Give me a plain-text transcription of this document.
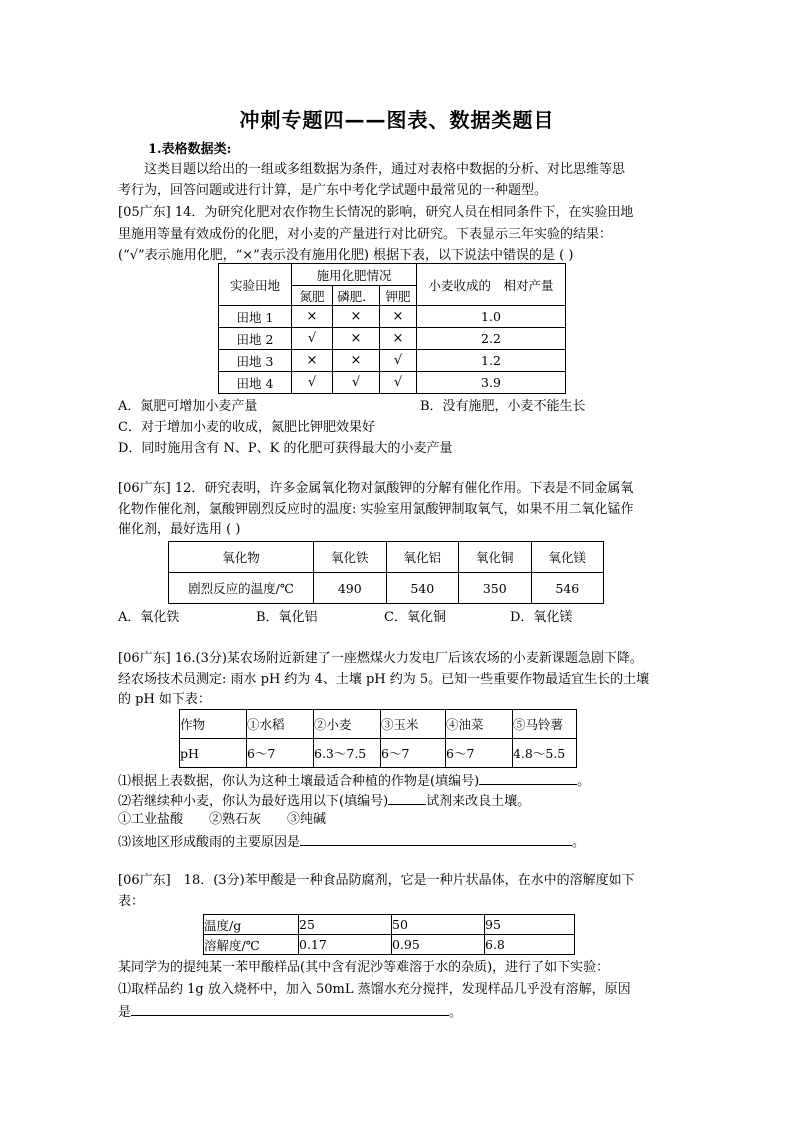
冲刺专题四——图表、数据类题目
1.表格数据类:
这类目题以给出的一组或多组数据为条件，通过对表格中数据的分析、对比思维等思
考行为，回答问题或进行计算，是广东中考化学试题中最常见的一种题型。
[05广东] 14．为研究化肥对农作物生长情况的影响，研究人员在相同条件下，在实验田地
里施用等量有效成份的化肥，对小麦的产量进行对比研究。下表显示三年实验的结果：
(“√”表示施用化肥，“×”表示没有施用化肥) 根据下表，以下说法中错误的是 ( )
实验田地	施用化肥情况			小麦收成的　相对产量
	氮肥	磷肥．	钾肥	
田地 1	×	×	×	1.0
田地 2	√	×	×	2.2
田地 3	×	×	√	1.2
田地 4	√	√	√	3.9
A．氮肥可增加小麦产量	B．没有施肥，小麦不能生长
C．对于增加小麦的收成，氮肥比钾肥效果好
D．同时施用含有 N、P、K 的化肥可获得最大的小麦产量
[06广东] 12．研究表明，许多金属氧化物对氯酸钾的分解有催化作用。下表是不同金属氧
化物作催化剂，氯酸钾剧烈反应时的温度: 实验室用氯酸钾制取氧气，如果不用二氧化锰作
催化剂，最好选用 ( )
氧化物	氧化铁	氧化铝	氧化铜	氧化镁
剧烈反应的温度/℃	490	540	350	546
A．氧化铁	B．氧化铝	C．氧化铜	D．氧化镁
[06广东] 16.(3分)某农场附近新建了一座燃煤火力发电厂后该农场的小麦新课题急剧下降。
经农场技术员测定: 雨水 pH 约为 4、土壤 pH 约为 5。已知一些重要作物最适宜生长的土壤
的 pH 如下表：
作物	①水稻	②小麦	③玉米	④油菜	⑤马铃薯
pH	6～7	6.3～7.5	6～7	6～7	4.8～5.5
⑴根据上表数据，你认为这种土壤最适合种植的作物是(填编号)	。
⑵若继续种小麦，你认为最好选用以下(填编号)	试剂来改良土壤。
①工业盐酸　　②熟石灰　　③纯碱
⑶该地区形成酸雨的主要原因是	。
[06广东]　18．(3分)苯甲酸是一种食品防腐剂，它是一种片状晶体，在水中的溶解度如下
表：
温度/g	25	50	95
溶解度/℃	0.17	0.95	6.8
某同学为的提纯某一苯甲酸样品(其中含有泥沙等难溶于水的杂质)，进行了如下实验：
⑴取样品约 1g 放入烧杯中，加入 50mL 蒸馏水充分搅拌，发现样品几乎没有溶解，原因
是	。
